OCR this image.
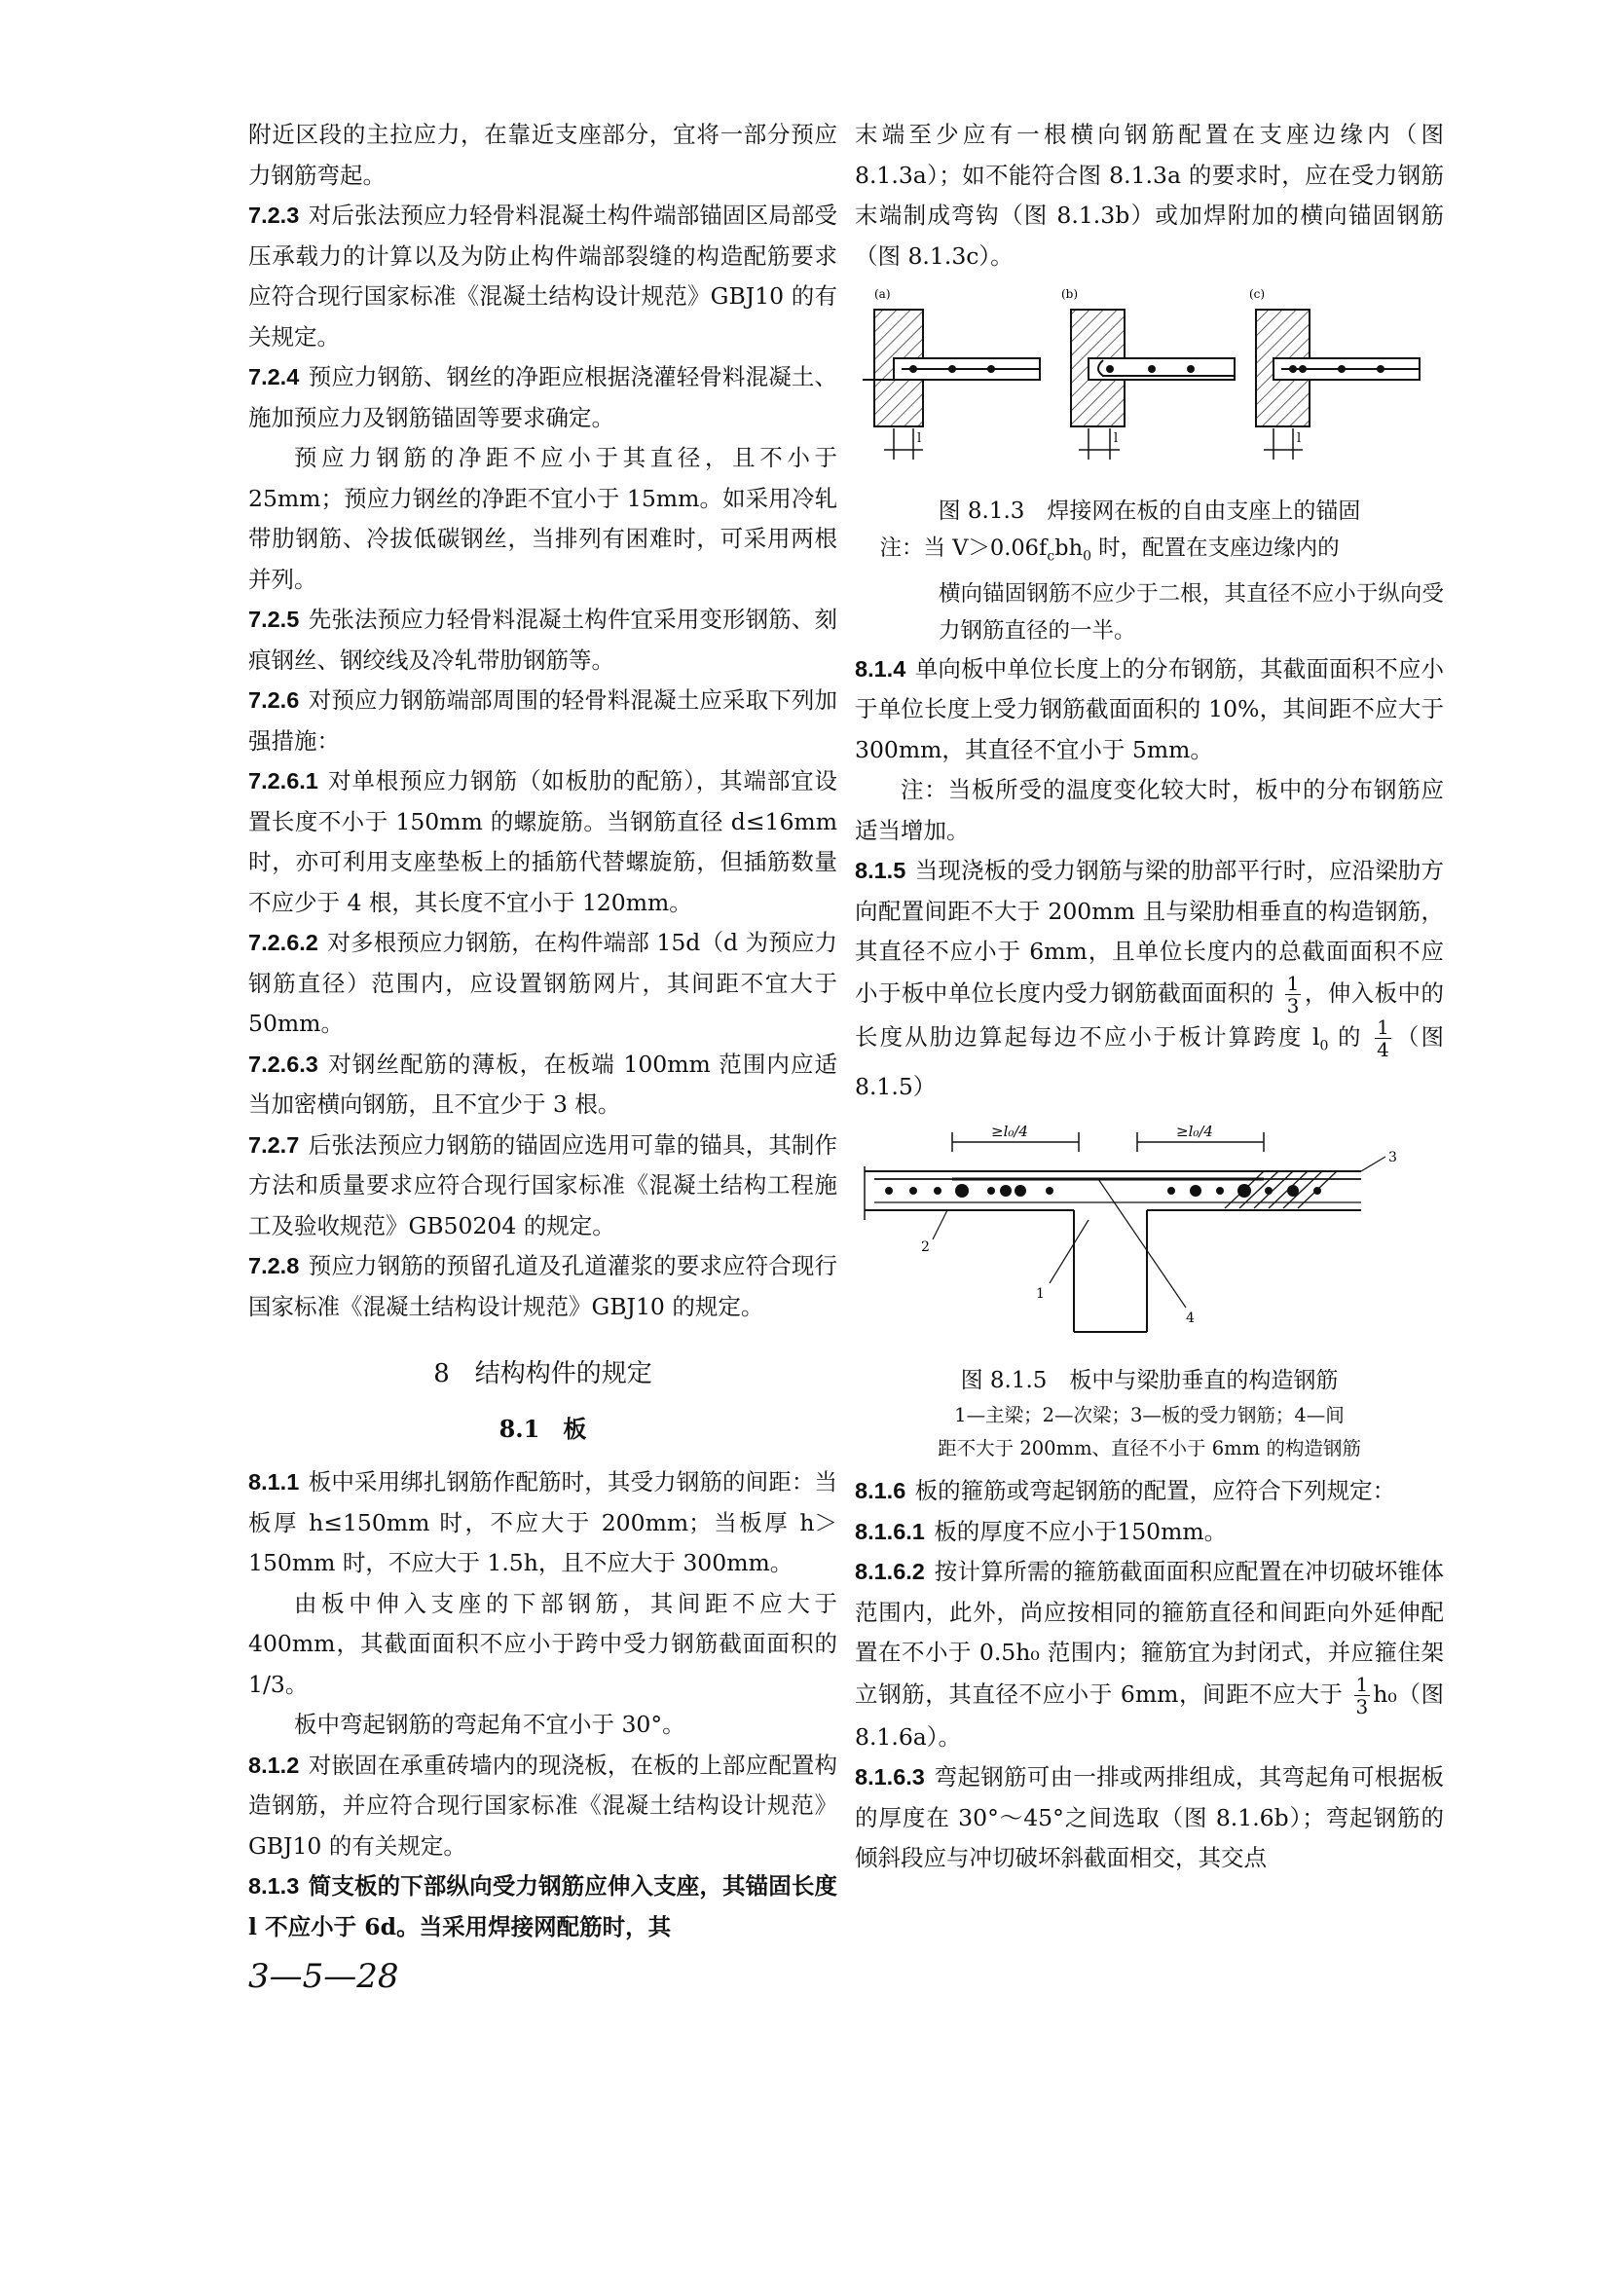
附近区段的主拉应力，在靠近支座部分，宜将一部分预应力钢筋弯起。

7.2.3 对后张法预应力轻骨料混凝土构件端部锚固区局部受压承载力的计算以及为防止构件端部裂缝的构造配筋要求应符合现行国家标准《混凝土结构设计规范》GBJ10 的有关规定。

7.2.4 预应力钢筋、钢丝的净距应根据浇灌轻骨料混凝土、施加预应力及钢筋锚固等要求确定。

预应力钢筋的净距不应小于其直径，且不小于 25mm；预应力钢丝的净距不宜小于 15mm。如采用冷轧带肋钢筋、冷拔低碳钢丝，当排列有困难时，可采用两根并列。

7.2.5 先张法预应力轻骨料混凝土构件宜采用变形钢筋、刻痕钢丝、钢绞线及冷轧带肋钢筋等。

7.2.6 对预应力钢筋端部周围的轻骨料混凝土应采取下列加强措施：

7.2.6.1 对单根预应力钢筋（如板肋的配筋），其端部宜设置长度不小于 150mm 的螺旋筋。当钢筋直径 d≤16mm 时，亦可利用支座垫板上的插筋代替螺旋筋，但插筋数量不应少于 4 根，其长度不宜小于 120mm。

7.2.6.2 对多根预应力钢筋，在构件端部 15d（d 为预应力钢筋直径）范围内，应设置钢筋网片，其间距不宜大于 50mm。

7.2.6.3 对钢丝配筋的薄板，在板端 100mm 范围内应适当加密横向钢筋，且不宜少于 3 根。

7.2.7 后张法预应力钢筋的锚固应选用可靠的锚具，其制作方法和质量要求应符合现行国家标准《混凝土结构工程施工及验收规范》GB50204 的规定。

7.2.8 预应力钢筋的预留孔道及孔道灌浆的要求应符合现行国家标准《混凝土结构设计规范》GBJ10 的规定。

8　结构构件的规定
8.1　板

8.1.1 板中采用绑扎钢筋作配筋时，其受力钢筋的间距：当板厚 h≤150mm 时，不应大于 200mm；当板厚 h＞150mm 时，不应大于 1.5h，且不应大于 300mm。

由板中伸入支座的下部钢筋，其间距不应大于 400mm，其截面面积不应小于跨中受力钢筋截面面积的 1/3。

板中弯起钢筋的弯起角不宜小于 30°。

8.1.2 对嵌固在承重砖墙内的现浇板，在板的上部应配置构造钢筋，并应符合现行国家标准《混凝土结构设计规范》GBJ10 的有关规定。

8.1.3 简支板的下部纵向受力钢筋应伸入支座，其锚固长度 l 不应小于 6d。当采用焊接网配筋时，其

末端至少应有一根横向钢筋配置在支座边缘内（图 8.1.3a）；如不能符合图 8.1.3a 的要求时，应在受力钢筋末端制成弯钩（图 8.1.3b）或加焊附加的横向锚固钢筋（图 8.1.3c）。

(a)
l
(b)
l
(c)
l
图 8.1.3　焊接网在板的自由支座上的锚固

注：当 $V>0.06f_cbh_0$ 时，配置在支座边缘内的

横向锚固钢筋不应少于二根，其直径不应小于纵向受力钢筋直径的一半。

8.1.4 单向板中单位长度上的分布钢筋，其截面面积不应小于单位长度上受力钢筋截面面积的 10%，其间距不应大于 300mm，其直径不宜小于 5mm。

注：当板所受的温度变化较大时，板中的分布钢筋应适当增加。

8.1.5 当现浇板的受力钢筋与梁的肋部平行时，应沿梁肋方向配置间距不大于 200mm 且与梁肋相垂直的构造钢筋，其直径不应小于 6mm，且单位长度内的总截面面积不应小于板中单位长度内受力钢筋截面面积的 $\frac{1}{3}$ ，伸入板中的长度从肋边算起每边不应小于板计算跨度 $l_0$ 的 $\frac{1}{4}$ （图 8.1.5）

≥l₀/4	≥l₀/4
2
1
4
3
图 8.1.5　板中与梁肋垂直的构造钢筋
1—主梁；2—次梁；3—板的受力钢筋；4—间
距不大于 200mm、直径不小于 6mm 的构造钢筋

8.1.6 板的箍筋或弯起钢筋的配置，应符合下列规定：

8.1.6.1 板的厚度不应小于150mm。

8.1.6.2 按计算所需的箍筋截面面积应配置在冲切破坏锥体范围内，此外，尚应按相同的箍筋直径和间距向外延伸配置在不小于 0.5h₀ 范围内；箍筋宜为封闭式，并应箍住架立钢筋，其直径不应小于 6mm，间距不应大于 $\frac{1}{3} h_0$（图 8.1.6a）。

8.1.6.3 弯起钢筋可由一排或两排组成，其弯起角可根据板的厚度在 30°～45°之间选取（图 8.1.6b）；弯起钢筋的倾斜段应与冲切破坏斜截面相交，其交点

3—5—28
